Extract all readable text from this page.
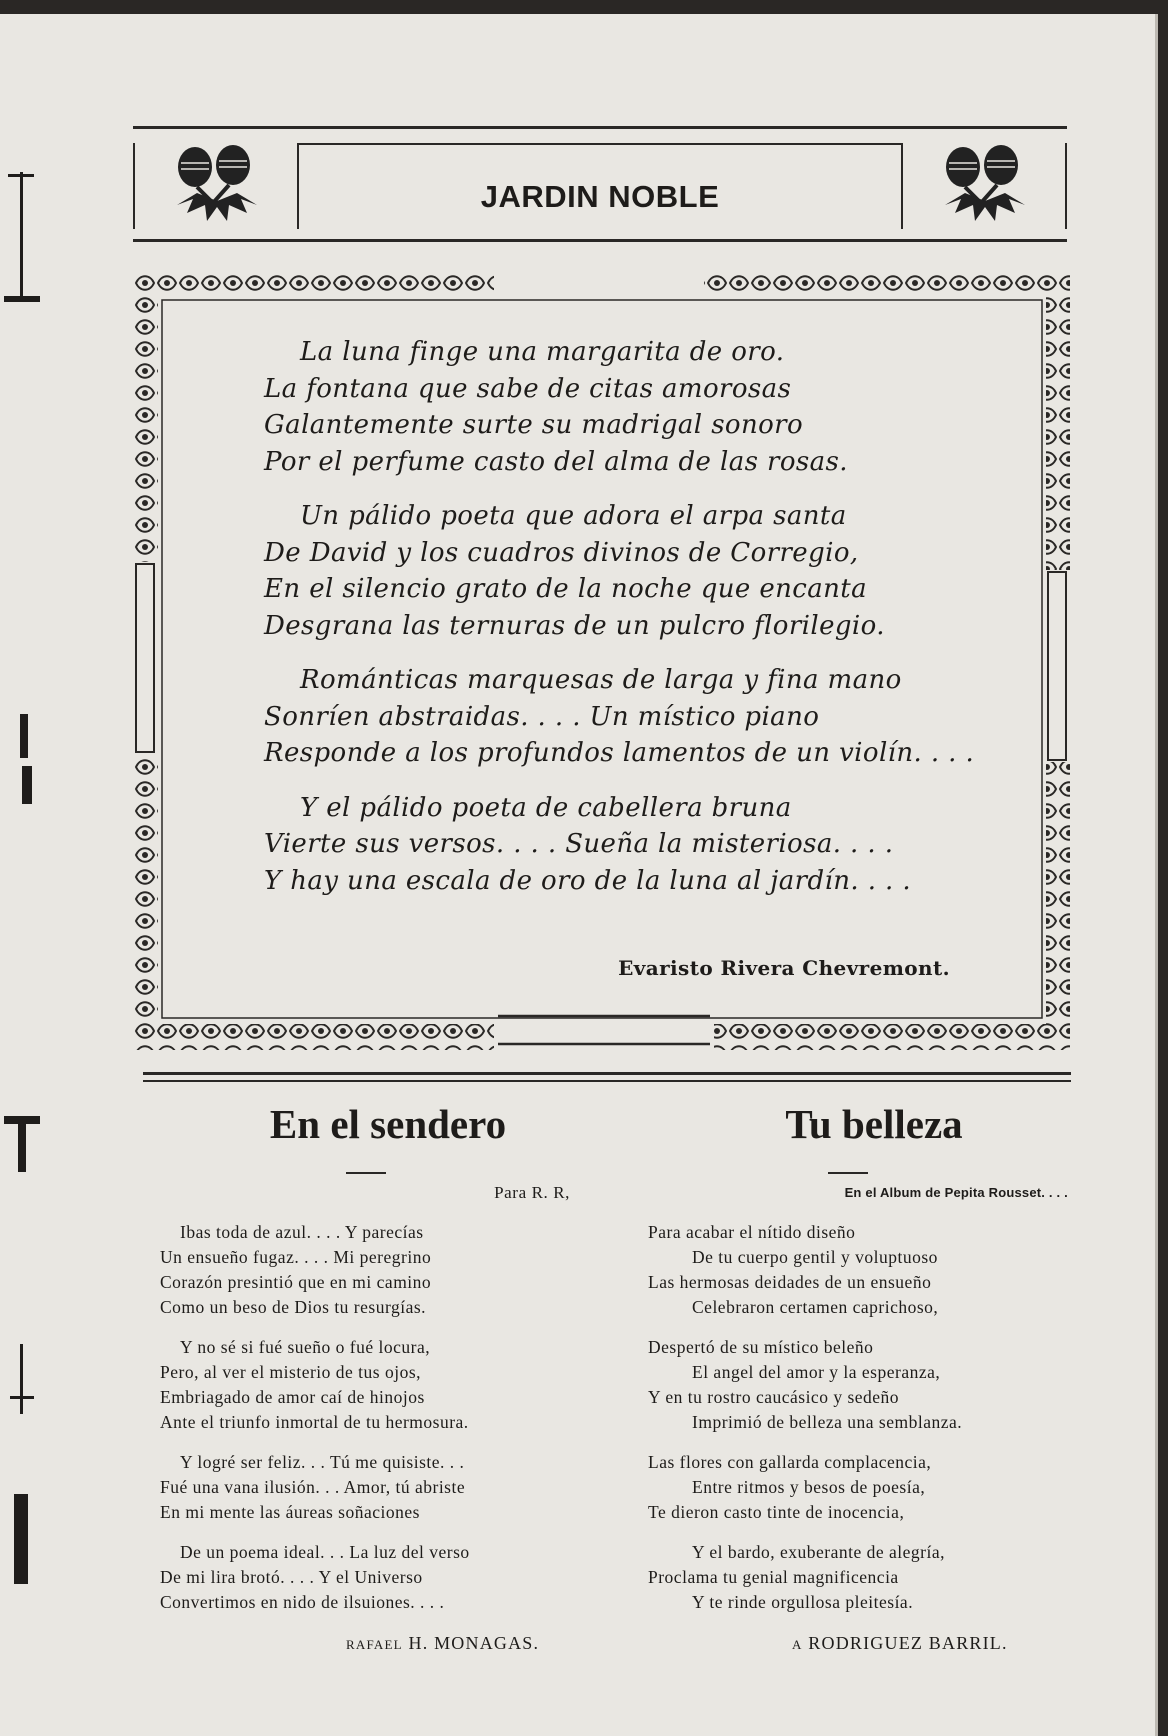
JARDIN NOBLE
La luna finge una margarita de oro.
La fontana que sabe de citas amorosas
Galantemente surte su madrigal sonoro
Por el perfume casto del alma de las rosas.
Un pálido poeta que adora el arpa santa
De David y los cuadros divinos de Corregio,
En el silencio grato de la noche que encanta
Desgrana las ternuras de un pulcro florilegio.
Románticas marquesas de larga y fina mano
Sonríen abstraidas. . . . Un místico piano
Responde a los profundos lamentos de un violín. . . .
Y el pálido poeta de cabellera bruna
Vierte sus versos. . . . Sueña la misteriosa. . . .
Y hay una escala de oro de la luna al jardín. . . .
Evaristo Rivera Chevremont.
En el sendero
Para R. R,
Ibas toda de azul. . . . Y parecías
Un ensueño fugaz. . . . Mi peregrino
Corazón presintió que en mi camino
Como un beso de Dios tu resurgías.
Y no sé si fué sueño o fué locura,
Pero, al ver el misterio de tus ojos,
Embriagado de amor caí de hinojos
Ante el triunfo inmortal de tu hermosura.
Y logré ser feliz. . . Tú me quisiste. . .
Fué una vana ilusión. . . Amor, tú abriste
En mi mente las áureas soñaciones
De un poema ideal. . . La luz del verso
De mi lira brotó. . . . Y el Universo
Convertimos en nido de ilsuiones. . . .
RAFAEL H. MONAGAS.
Tu belleza
En el Album de Pepita Rousset. . . .
Para acabar el nítido diseño
De tu cuerpo gentil y voluptuoso
Las hermosas deidades de un ensueño
Celebraron certamen caprichoso,
Despertó de su místico beleño
El angel del amor y la esperanza,
Y en tu rostro caucásico y sedeño
Imprimió de belleza una semblanza.
Las flores con gallarda complacencia,
Entre ritmos y besos de poesía,
Te dieron casto tinte de inocencia,
Y el bardo, exuberante de alegría,
Proclama tu genial magnificencia
Y te rinde orgullosa pleitesía.
A RODRIGUEZ BARRIL.
